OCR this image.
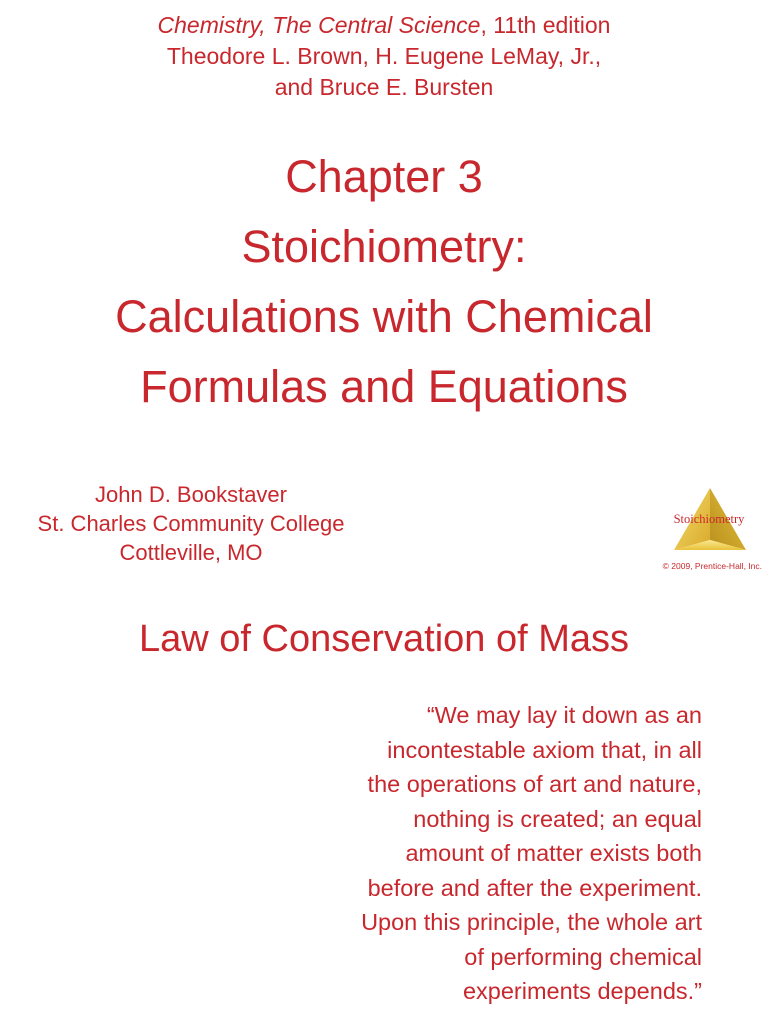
Chemistry, The Central Science, 11th edition
Theodore L. Brown, H. Eugene LeMay, Jr.,
and Bruce E. Bursten
Chapter 3
Stoichiometry:
Calculations with Chemical
Formulas and Equations
John D. Bookstaver
St. Charles Community College
Cottleville, MO
Stoichiometry
© 2009, Prentice-Hall, Inc.
Law of Conservation of Mass
“We may lay it down as an
incontestable axiom that, in all
the operations of art and nature,
nothing is created; an equal
amount of matter exists both
before and after the experiment.
Upon this principle, the whole art
of performing chemical
experiments depends.”
